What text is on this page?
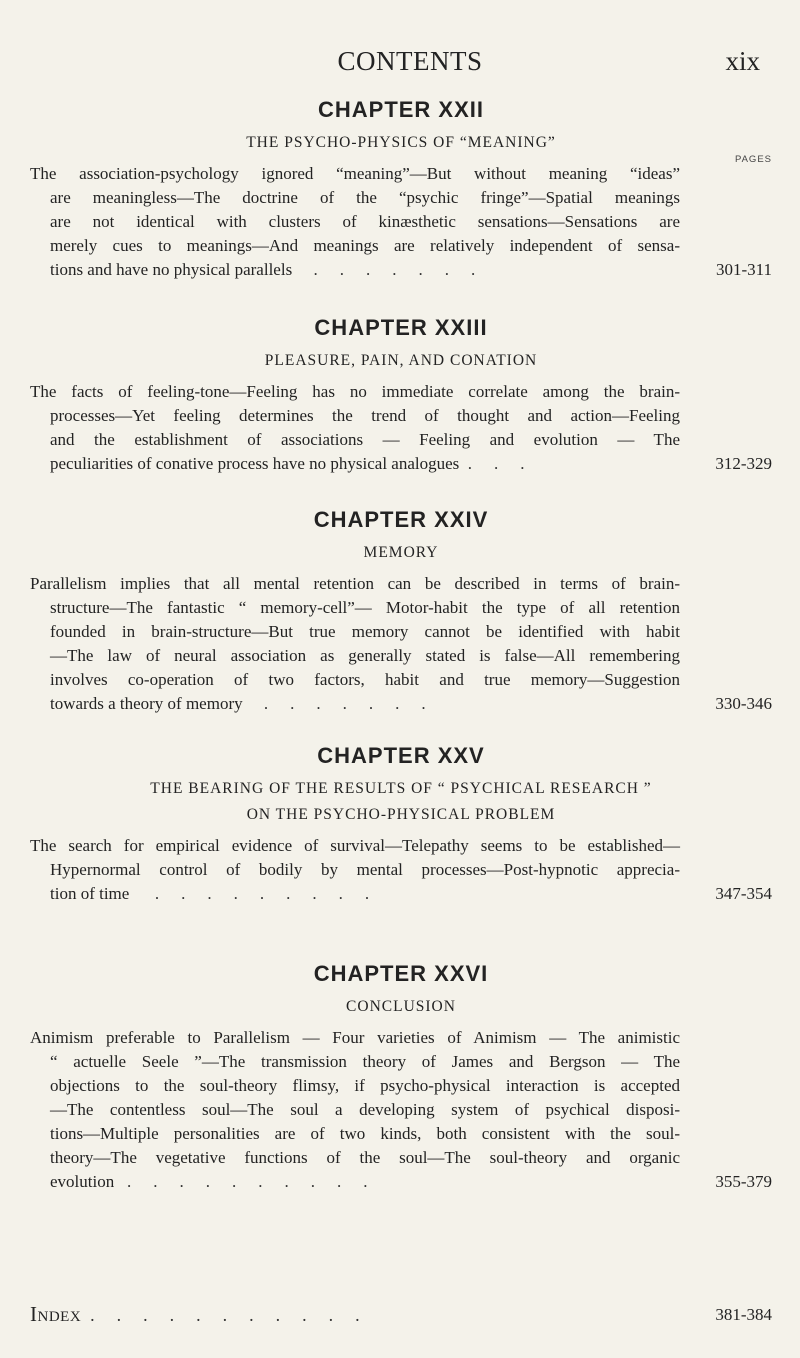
CONTENTS	xix
CHAPTER XXII
THE PSYCHO-PHYSICS OF “MEANING”
PAGES
The association-psychology ignored “meaning”—But without meaning “ideas”
are meaningless—The doctrine of the “psychic fringe”—Spatial meanings
are not identical with clusters of kinæsthetic sensations—Sensations are
merely cues to meanings—And meanings are relatively independent of sensa-
tions and have no physical parallels .......	301-311
CHAPTER XXIII
PLEASURE, PAIN, AND CONATION
The facts of feeling-tone—Feeling has no immediate correlate among the brain-
processes—Yet feeling determines the trend of thought and action—Feeling
and the establishment of associations — Feeling and evolution — The
peculiarities of conative process have no physical analogues ...	312-329
CHAPTER XXIV
MEMORY
Parallelism implies that all mental retention can be described in terms of brain-
structure—The fantastic “ memory-cell”— Motor-habit the type of all retention
founded in brain-structure—But true memory cannot be identified with habit
—The law of neural association as generally stated is false—All remembering
involves co-operation of two factors, habit and true memory—Suggestion
towards a theory of memory .......	330-346
CHAPTER XXV
THE BEARING OF THE RESULTS OF “ PSYCHICAL RESEARCH ”
ON THE PSYCHO-PHYSICAL PROBLEM
The search for empirical evidence of survival—Telepathy seems to be established—
Hypernormal control of bodily by mental processes—Post-hypnotic apprecia-
tion of time .........	347-354
CHAPTER XXVI
CONCLUSION
Animism preferable to Parallelism — Four varieties of Animism — The animistic
“ actuelle Seele ”—The transmission theory of James and Bergson — The
objections to the soul-theory flimsy, if psycho-physical interaction is accepted
—The contentless soul—The soul a developing system of psychical disposi-
tions—Multiple personalities are of two kinds, both consistent with the soul-
theory—The vegetative functions of the soul—The soul-theory and organic
evolution ..........	355-379
Index ...........	381-384
